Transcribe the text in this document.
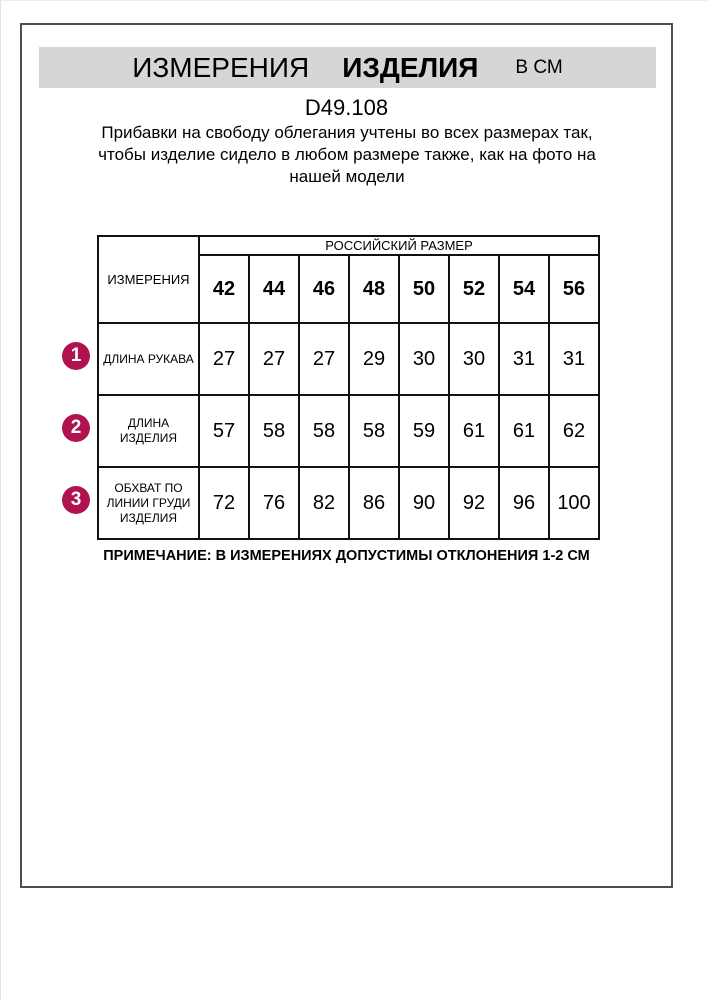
ИЗМЕРЕНИЯ ИЗДЕЛИЯ В СМ
D49.108
Прибавки на свободу облегания учтены во всех размерах так, чтобы изделие сидело в любом размере также, как на фото на нашей модели
1
2
3
ИЗМЕРЕНИЯ	РОССИЙСКИЙ РАЗМЕР							
	42	44	46	48	50	52	54	56
ДЛИНА РУКАВА	27	27	27	29	30	30	31	31
ДЛИНА ИЗДЕЛИЯ	57	58	58	58	59	61	61	62
ОБХВАТ ПО ЛИНИИ ГРУДИ ИЗДЕЛИЯ	72	76	82	86	90	92	96	100
ПРИМЕЧАНИЕ: В ИЗМЕРЕНИЯХ ДОПУСТИМЫ ОТКЛОНЕНИЯ 1-2 СМ
